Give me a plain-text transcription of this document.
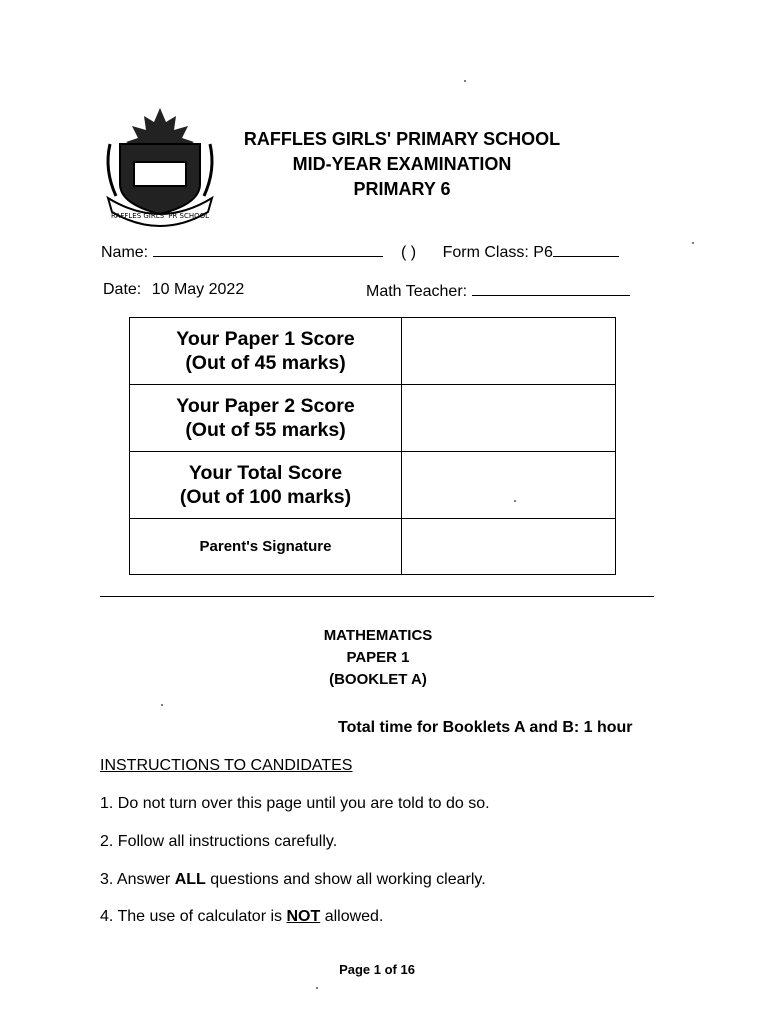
RAFFLES GIRLS' PR SCHOOL
RAFFLES GIRLS' PRIMARY SCHOOL
MID-YEAR EXAMINATION
PRIMARY 6
Name:	( ) Form Class: P6
Date: 10 May 2022	Math Teacher:
Your Paper 1 Score
(Out of 45 marks)	

Your Paper 2 Score
(Out of 55 marks)	

Your Total Score
(Out of 100 marks)	

Parent's Signature	
MATHEMATICS
PAPER 1
(BOOKLET A)
Total time for Booklets A and B: 1 hour
INSTRUCTIONS TO CANDIDATES
1. Do not turn over this page until you are told to do so.
2. Follow all instructions carefully.
3. Answer ALL questions and show all working clearly.
4. The use of calculator is NOT allowed.
Page 1 of 16
